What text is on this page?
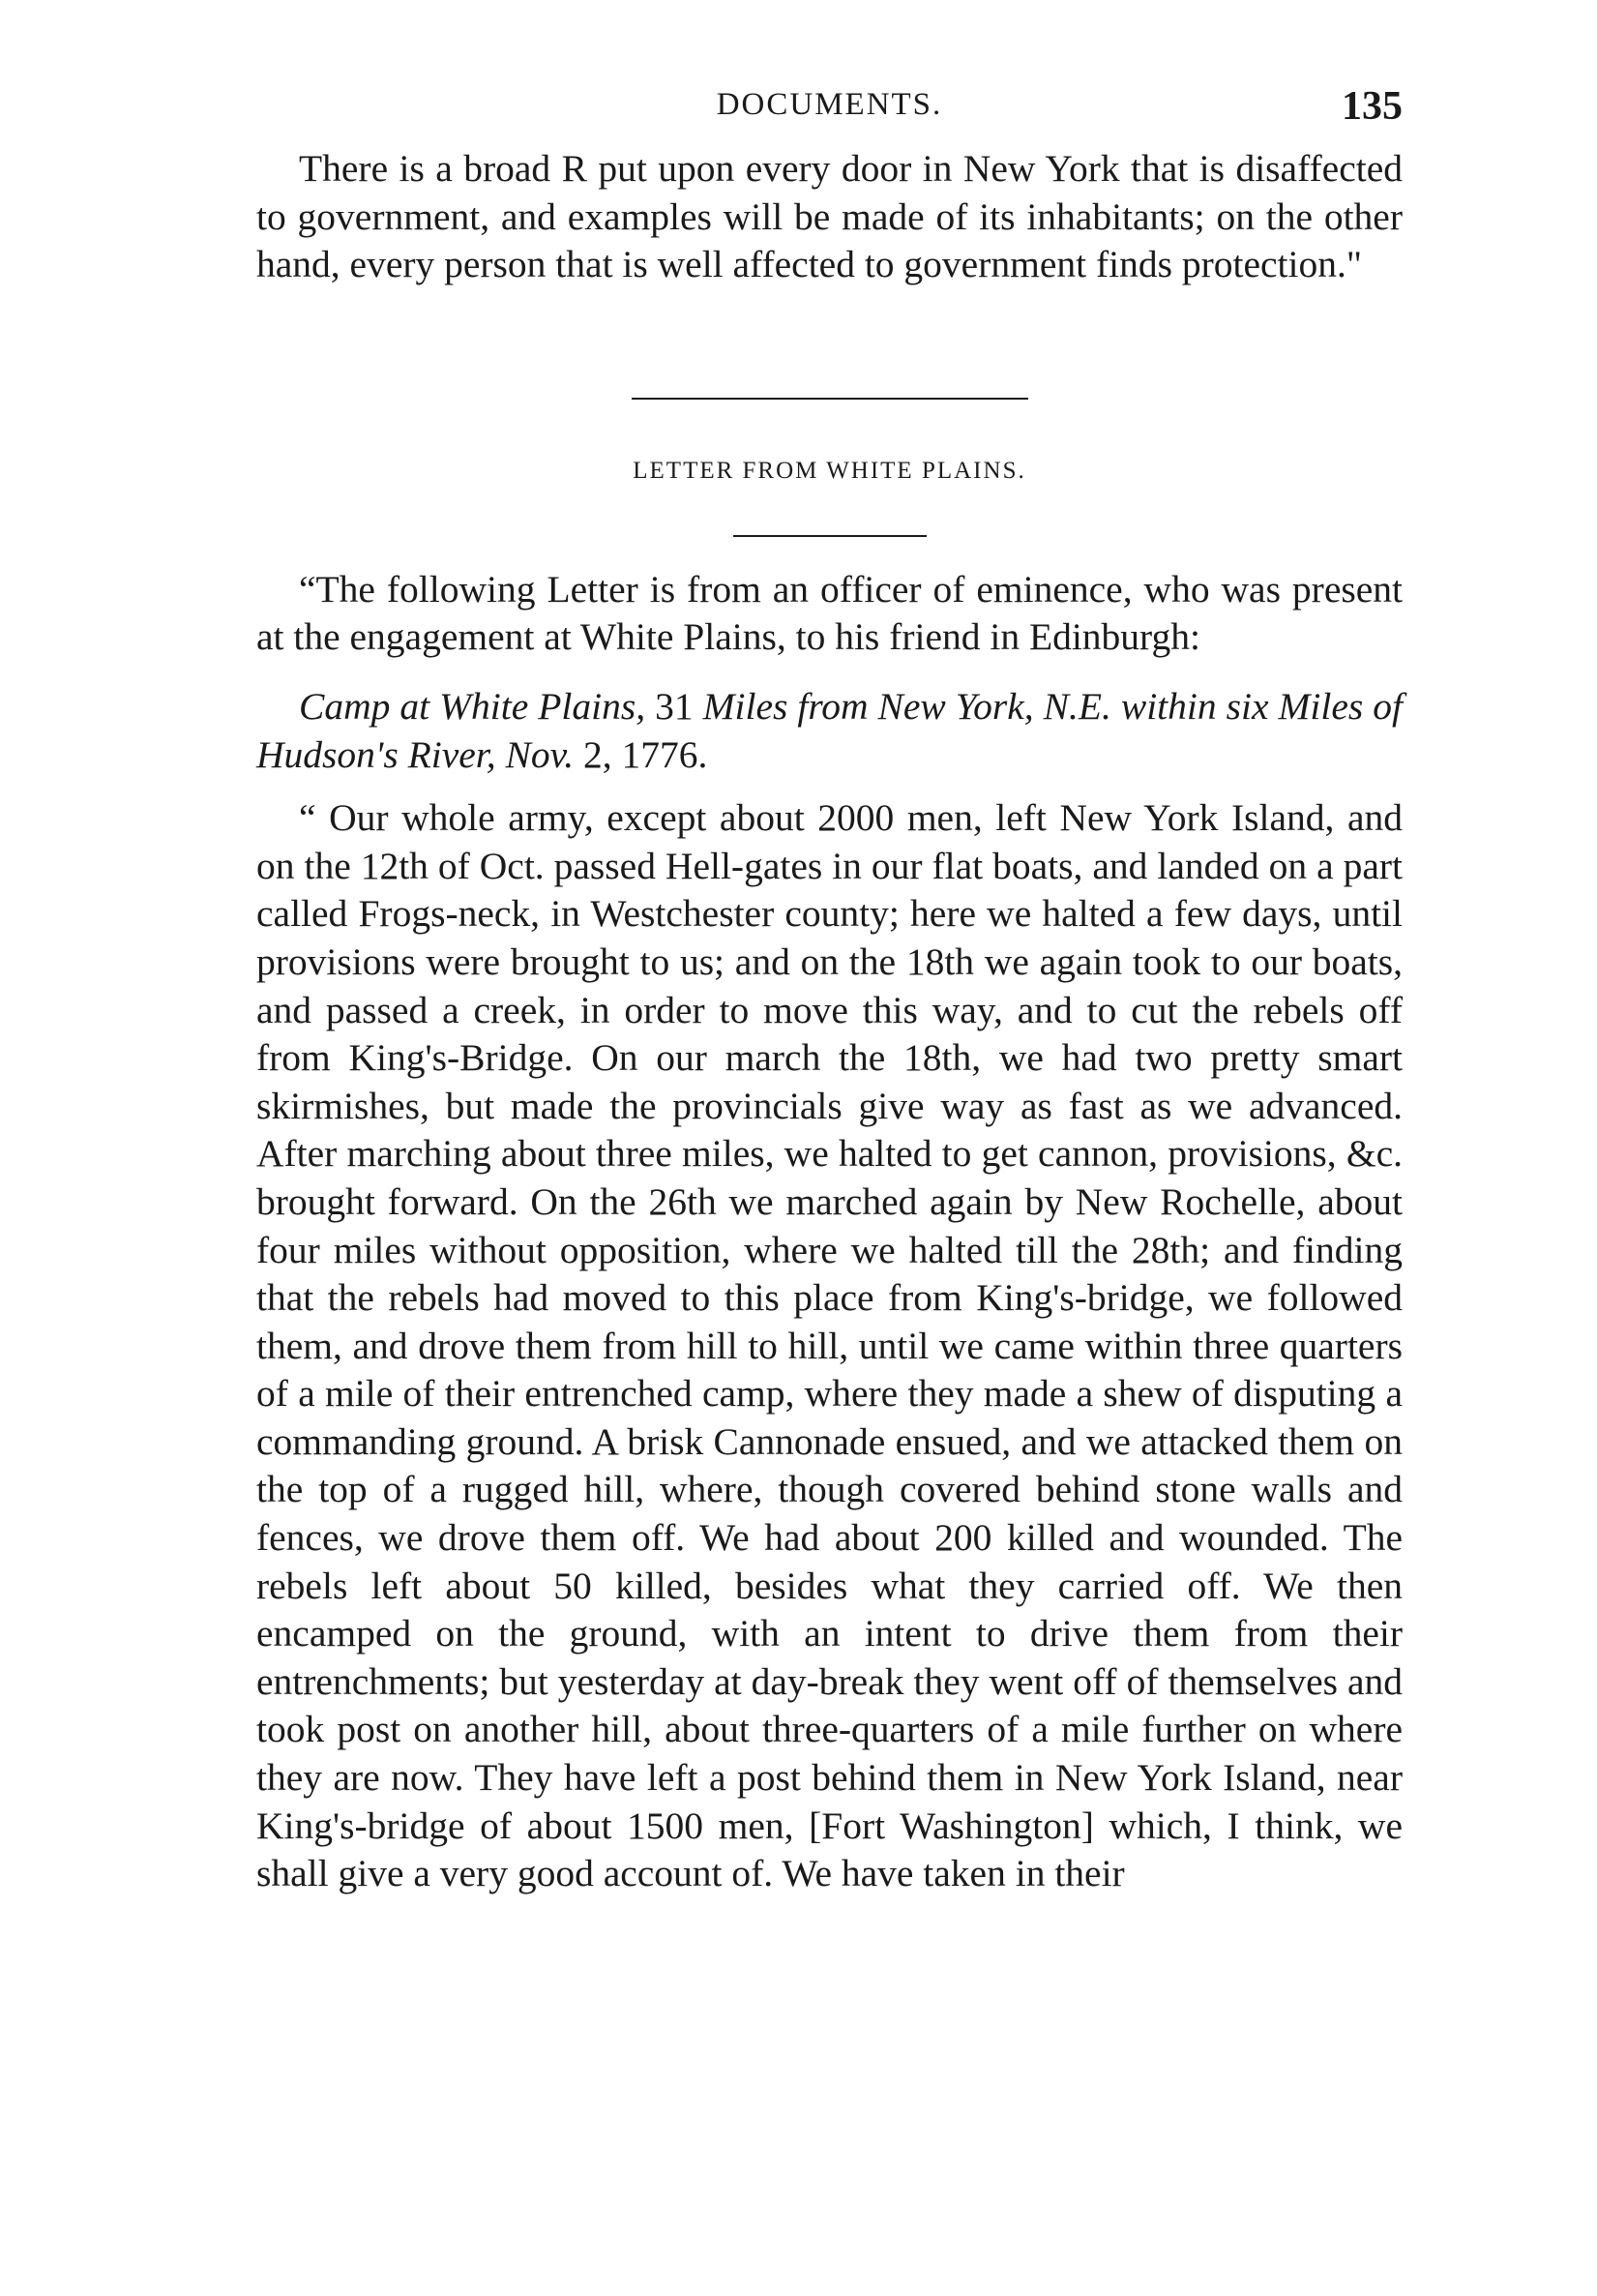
DOCUMENTS.	135

There is a broad R put upon every door in New York that is disaffected to government, and examples will be made of its inhabitants; on the other hand, every person that is well affected to government finds protection."

LETTER FROM WHITE PLAINS.

“The following Letter is from an officer of eminence, who was present at the engagement at White Plains, to his friend in Edinburgh:

Camp at White Plains, 31 Miles from New York, N.E. within six Miles of Hudson's River, Nov. 2, 1776.

“ Our whole army, except about 2000 men, left New York Island, and on the 12th of Oct. passed Hell-gates in our flat boats, and landed on a part called Frogs-neck, in Westchester county; here we halted a few days, until provisions were brought to us; and on the 18th we again took to our boats, and passed a creek, in order to move this way, and to cut the rebels off from King's-Bridge. On our march the 18th, we had two pretty smart skirmishes, but made the provincials give way as fast as we advanced. After marching about three miles, we halted to get cannon, provisions, &c. brought forward. On the 26th we marched again by New Rochelle, about four miles without opposition, where we halted till the 28th; and finding that the rebels had moved to this place from King's-bridge, we followed them, and drove them from hill to hill, until we came within three quarters of a mile of their entrenched camp, where they made a shew of disputing a commanding ground. A brisk Cannonade ensued, and we attacked them on the top of a rugged hill, where, though covered behind stone walls and fences, we drove them off. We had about 200 killed and wounded. The rebels left about 50 killed, besides what they carried off. We then encamped on the ground, with an intent to drive them from their entrenchments; but yesterday at day-break they went off of themselves and took post on another hill, about three-quarters of a mile further on where they are now. They have left a post behind them in New York Island, near King's-bridge of about 1500 men, [Fort Washington] which, I think, we shall give a very good account of. We have taken in their
